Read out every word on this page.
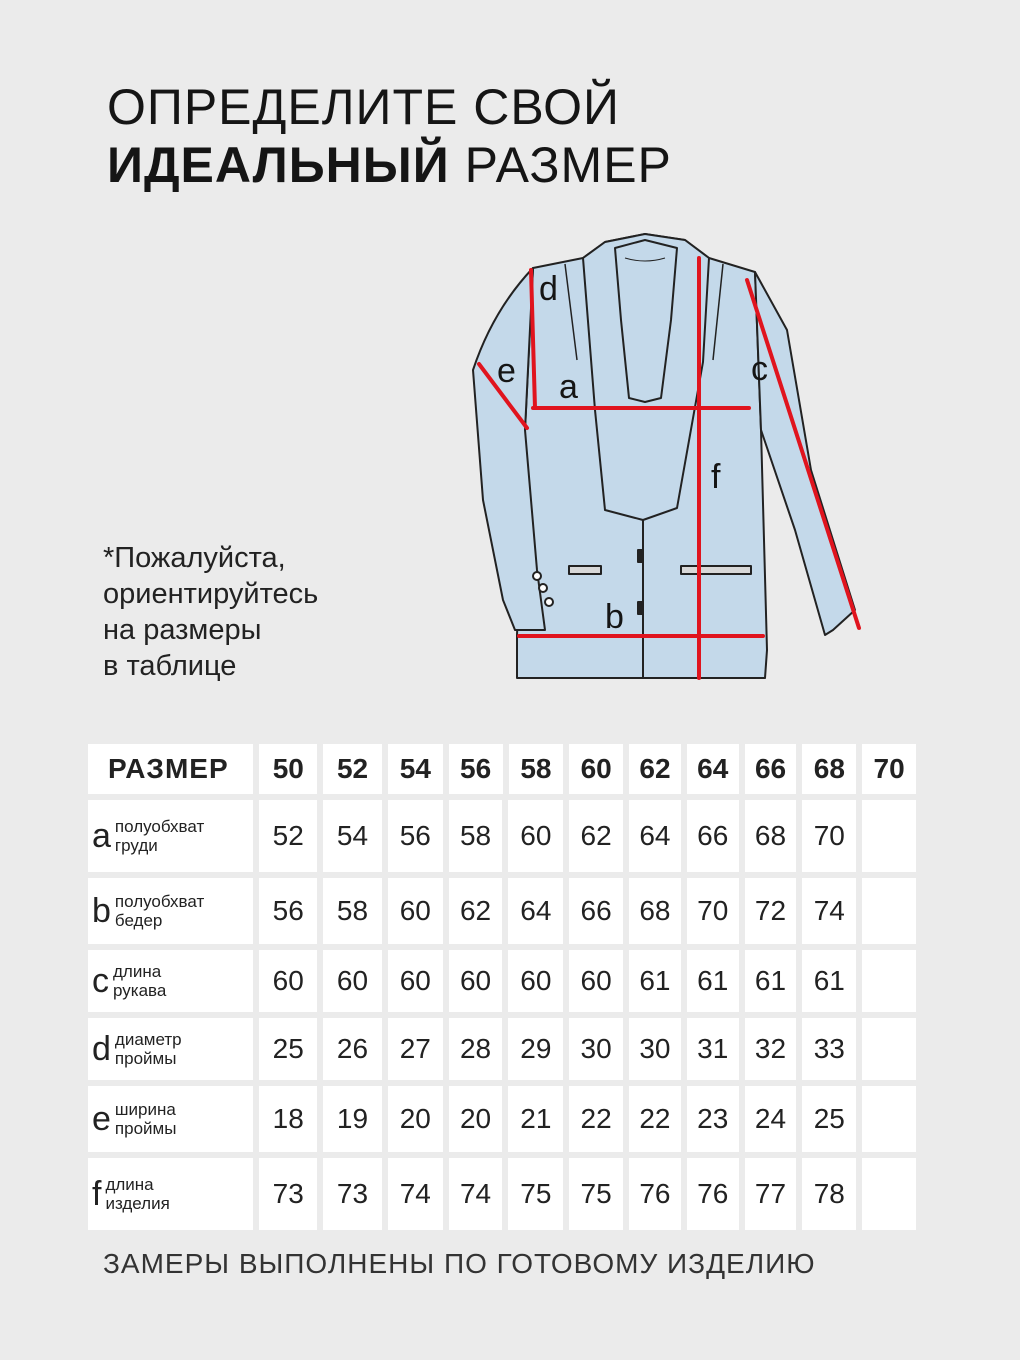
ОПРЕДЕЛИТЕ СВОЙ
ИДЕАЛЬНЫЙ РАЗМЕР
*Пожалуйста,
ориентируйтесь
на размеры
в таблице
a
b
c
d
e
f
РАЗМЕР	50	52	54	56	58	60 62 64 66 68	70
a полуобхват
груди	52	54	56	58	60	62 64 66 68 70
b полуобхват
бедер	56	58	60	62	64	66 68 70 72 74
c длина
рукава	60	60	60	60	60	60 61 61 61 61
d диаметр
проймы	25	26	27	28	29	30 30 31 32 33
e ширина
проймы	18	19	20	20	21	22 22 23 24 25
f длина
изделия	73	73	74	74	75	75 76 76 77 78
ЗАМЕРЫ ВЫПОЛНЕНЫ ПО ГОТОВОМУ ИЗДЕЛИЮ
